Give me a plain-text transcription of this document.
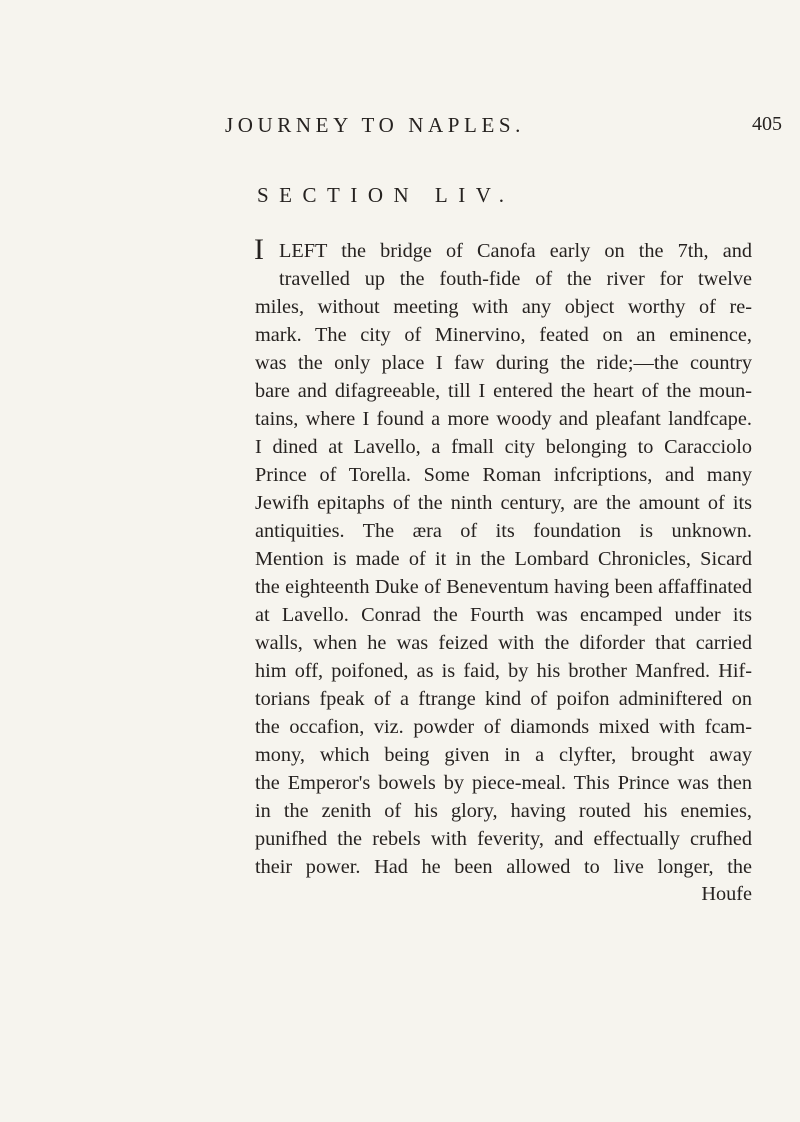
JOURNEY TO NAPLES.	405
SECTION LIV.
I LEFT the bridge of Canofa early on the 7th, and
travelled up the fouth-fide of the river for twelve
miles, without meeting with any object worthy of re-
mark. The city of Minervino, feated on an eminence,
was the only place I faw during the ride;—the country
bare and difagreeable, till I entered the heart of the moun-
tains, where I found a more woody and pleafant landfcape.
I dined at Lavello, a fmall city belonging to Caracciolo
Prince of Torella. Some Roman infcriptions, and many
Jewifh epitaphs of the ninth century, are the amount of its
antiquities. The æra of its foundation is unknown.
Mention is made of it in the Lombard Chronicles, Sicard
the eighteenth Duke of Beneventum having been affaffinated
at Lavello. Conrad the Fourth was encamped under its
walls, when he was feized with the diforder that carried
him off, poifoned, as is faid, by his brother Manfred. Hif-
torians fpeak of a ftrange kind of poifon adminiftered on
the occafion, viz. powder of diamonds mixed with fcam-
mony, which being given in a clyfter, brought away
the Emperor's bowels by piece-meal. This Prince was then
in the zenith of his glory, having routed his enemies,
punifhed the rebels with feverity, and effectually crufhed
their power. Had he been allowed to live longer, the
Houfe
